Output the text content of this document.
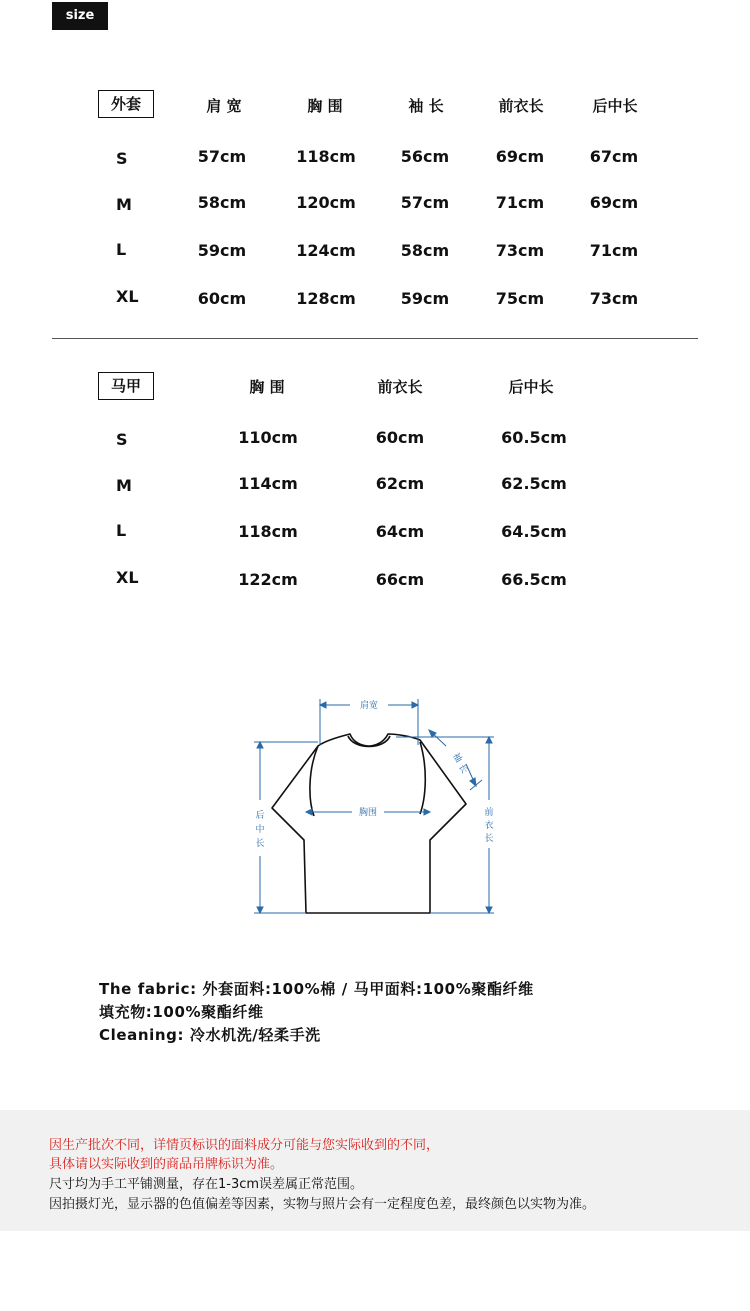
size
外套	肩 宽	胸 围	袖 长	前衣长	后中长
S	57cm	118cm	56cm	69cm	67cm
M	58cm	120cm	57cm	71cm	69cm
L	59cm	124cm	58cm	73cm	71cm
XL	60cm	128cm	59cm	75cm	73cm
马甲	胸 围	前衣长	后中长
S	110cm	60cm	60.5cm
M	114cm	62cm	62.5cm
L	118cm	64cm	64.5cm
XL	122cm	66cm	66.5cm
肩宽
胸围
袖
长
后
中
长
前
衣
长
The fabric: 外套面料:100%棉 / 马甲面料:100%聚酯纤维
填充物:100%聚酯纤维
Cleaning: 冷水机洗/轻柔手洗
因生产批次不同，详情页标识的面料成分可能与您实际收到的不同，
具体请以实际收到的商品吊牌标识为准。
尺寸均为手工平铺测量，存在1-3cm误差属正常范围。
因拍摄灯光，显示器的色值偏差等因素，实物与照片会有一定程度色差，最终颜色以实物为准。
